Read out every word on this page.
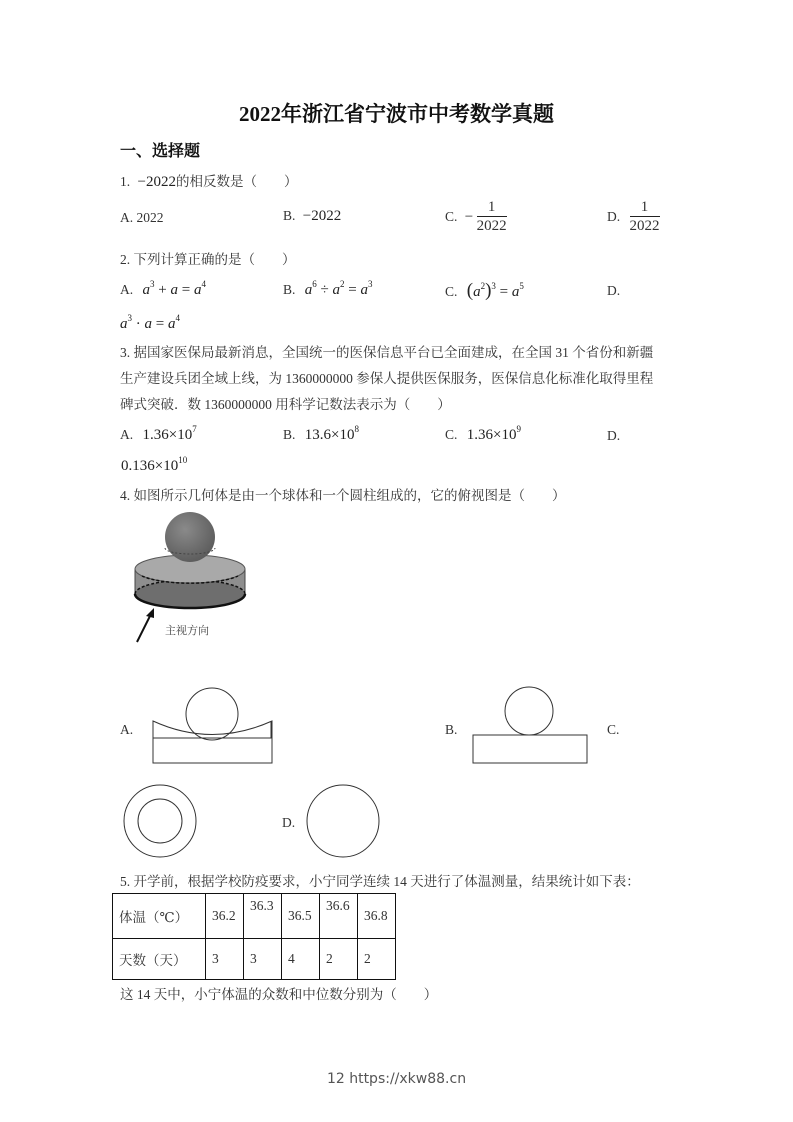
2022年浙江省宁波市中考数学真题
一、选择题
1. −2022的相反数是（　　）
A. 2022	B. −2022	C. − $\frac{1}{2022}$	D. $\frac{1}{2022}$
2. 下列计算正确的是（　　）
A. $a^3 + a = a^4$	B. $a^6 \div a^2 = a^3$	C. $(a^2)^3 = a^5$	D.
$a^3 \cdot a = a^4$
3. 据国家医保局最新消息，全国统一的医保信息平台已全面建成，在全国 31 个省份和新疆
生产建设兵团全域上线，为 1360000000 参保人提供医保服务，医保信息化标准化取得里程
碑式突破．数 1360000000 用科学记数法表示为（　　）
A. $1.36\times 10^7$	B. $13.6\times 10^8$	C. $1.36\times 10^9$	D.
$0.136\times 10^{10}$
4. 如图所示几何体是由一个球体和一个圆柱组成的，它的俯视图是（　　）
主视方向
A.	B.	C.
D.
5. 开学前，根据学校防疫要求，小宁同学连续 14 天进行了体温测量，结果统计如下表：
体温（℃）	36.2	36.3	36.5	36.6	36.8
天数（天）	3	3	4	2	2
这 14 天中，小宁体温的众数和中位数分别为（　　）
12 https://xkw88.cn
